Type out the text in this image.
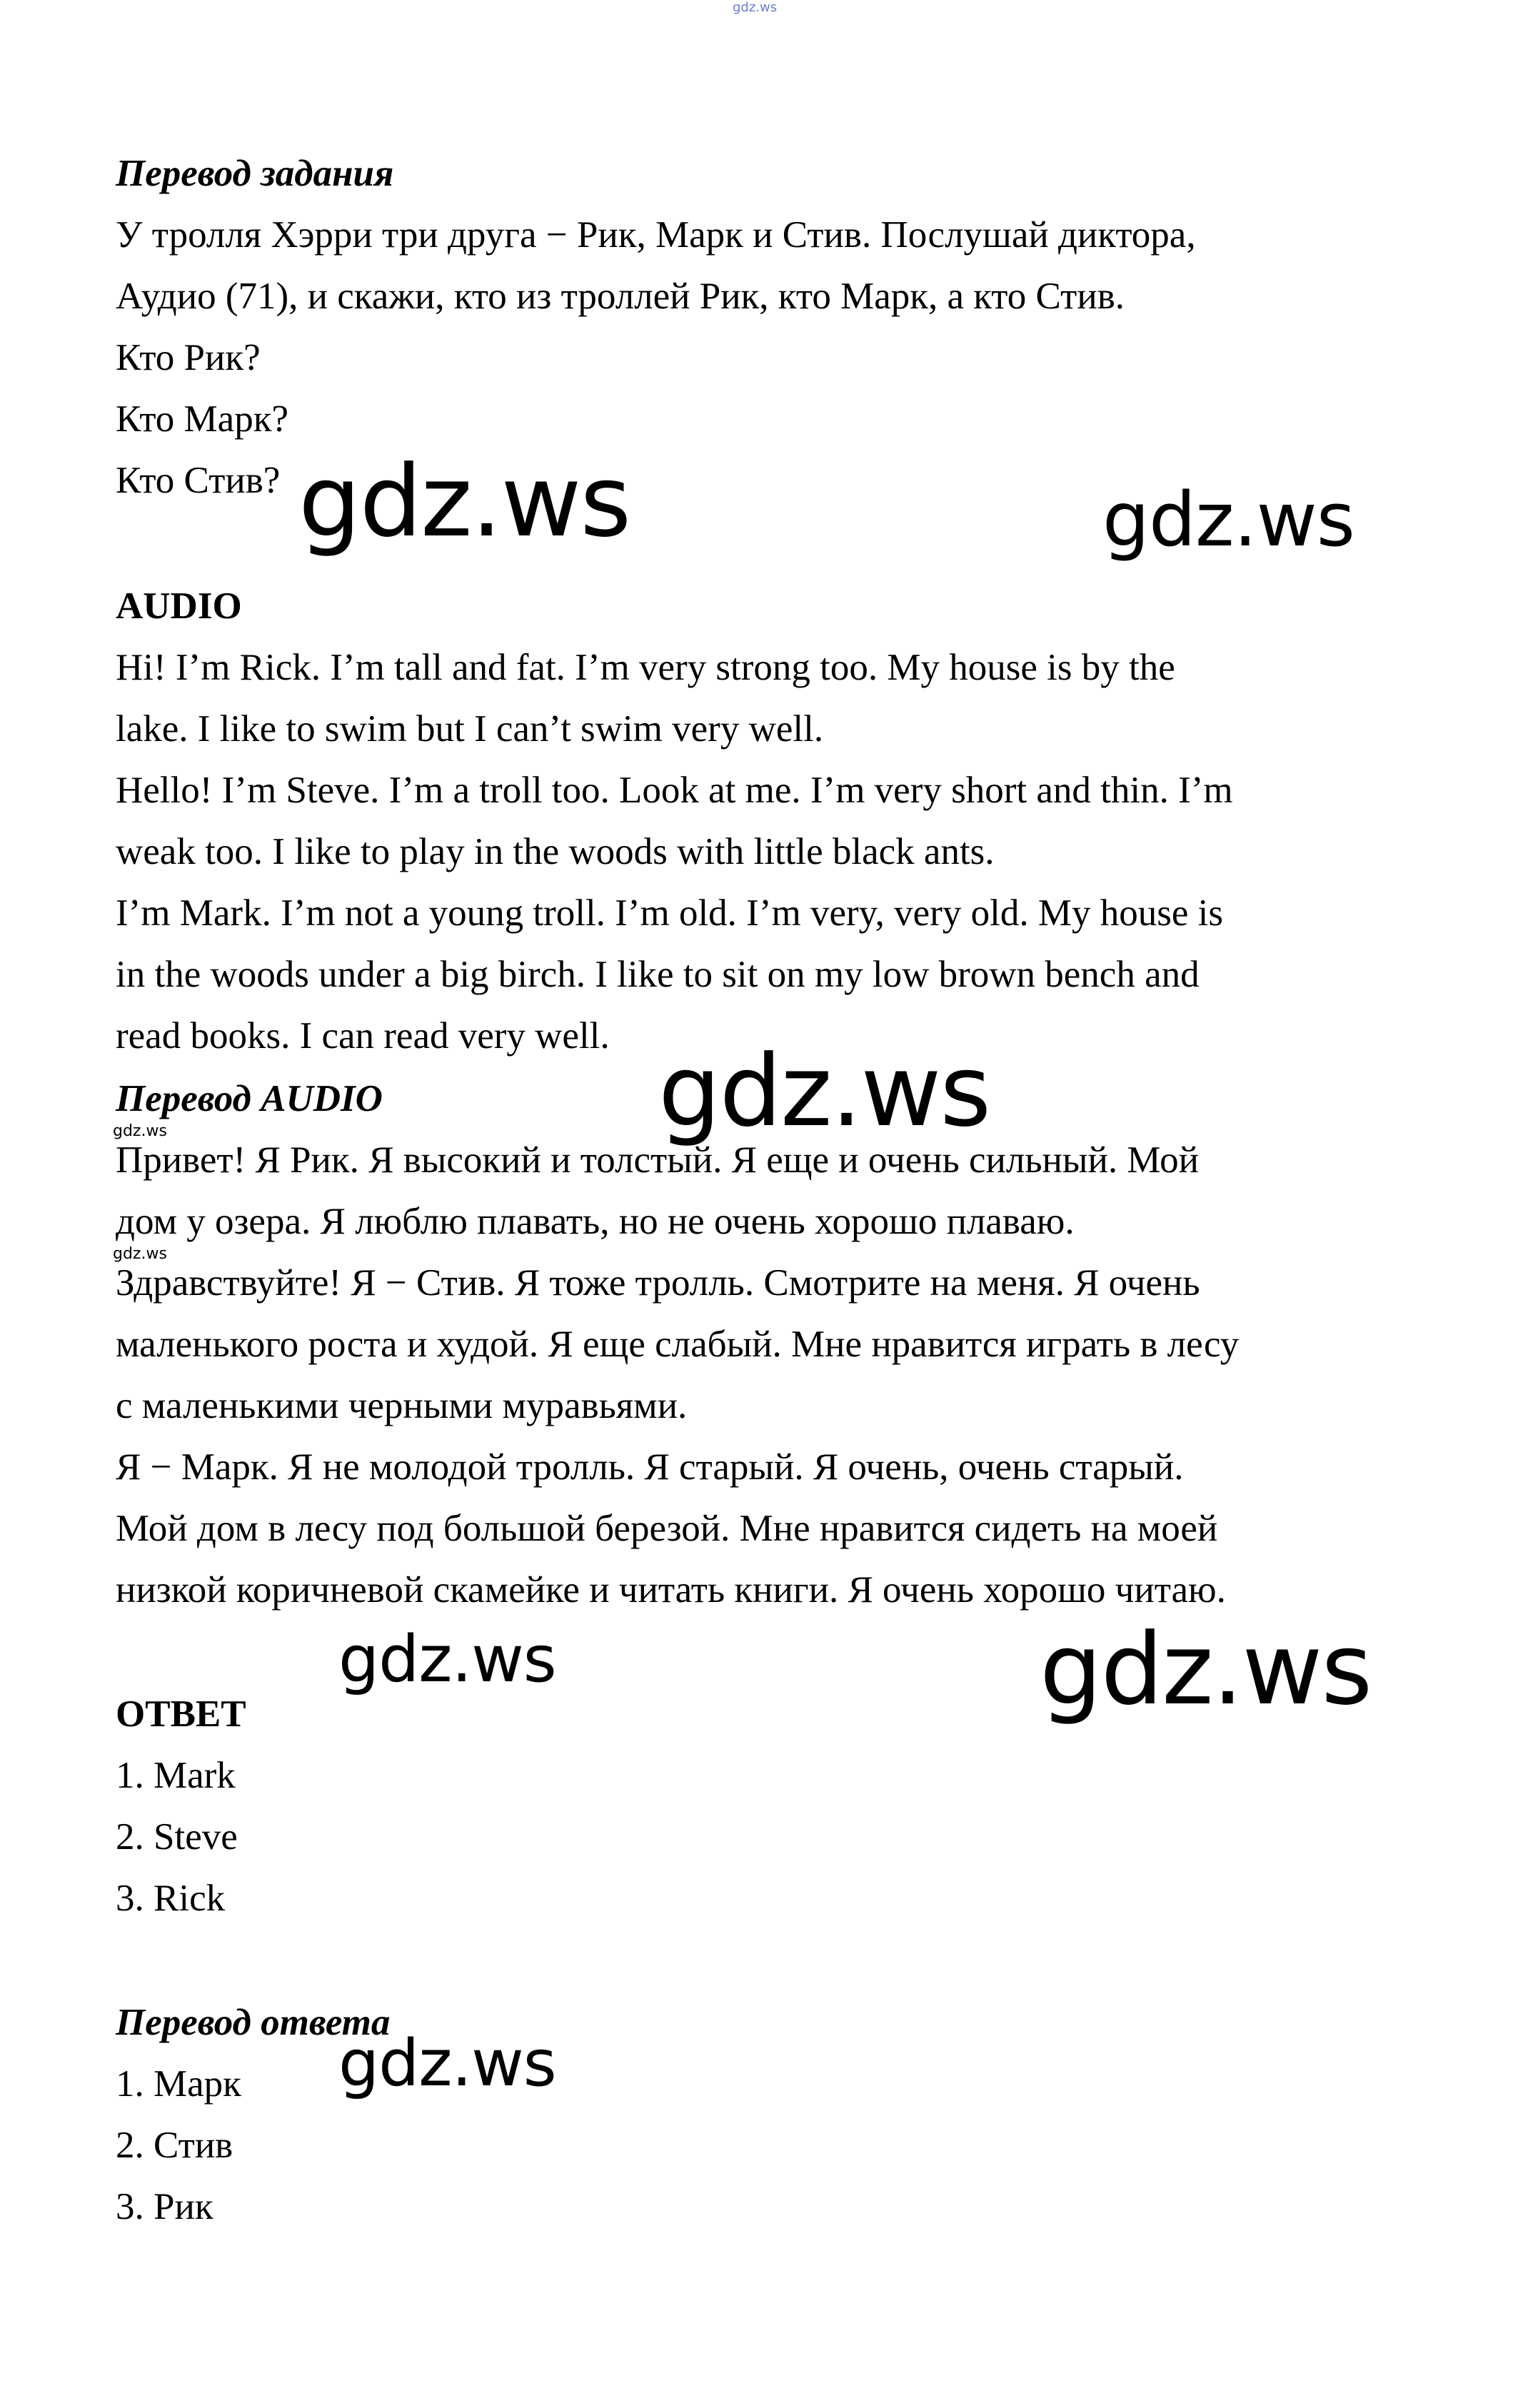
gdz.ws
Перевод задания
У тролля Хэрри три друга − Рик, Марк и Стив. Послушай диктора,
Аудио (71), и скажи, кто из троллей Рик, кто Марк, а кто Стив.
Кто Рик?
Кто Марк?
Кто Стив? gdz.ws	gdz.ws
AUDIO
Hi! I’m Rick. I’m tall and fat. I’m very strong too. My house is by the
lake. I like to swim but I can’t swim very well.
Hello! I’m Steve. I’m a troll too. Look at me. I’m very short and thin. I’m
weak too. I like to play in the woods with little black ants.
I’m Mark. I’m not a young troll. I’m old. I’m very, very old. My house is
in the woods under a big birch. I like to sit on my low brown bench and
read books. I can read very well. gdz.ws
Перевод AUDIO
gdz.ws
Привет! Я Рик. Я высокий и толстый. Я еще и очень сильный. Мой
дом у озера. Я люблю плавать, но не очень хорошо плаваю.
gdz.ws
Здравствуйте! Я − Стив. Я тоже тролль. Смотрите на меня. Я очень
маленького роста и худой. Я еще слабый. Мне нравится играть в лесу
с маленькими черными муравьями.
Я − Марк. Я не молодой тролль. Я старый. Я очень, очень старый.
Мой дом в лесу под большой березой. Мне нравится сидеть на моей
низкой коричневой скамейке и читать книги. Я очень хорошо читаю.
gdz.ws	gdz.ws
ОТВЕТ
1. Mark
2. Steve
3. Rick
Перевод ответа
gdz.ws
1. Марк
2. Стив
3. Рик
